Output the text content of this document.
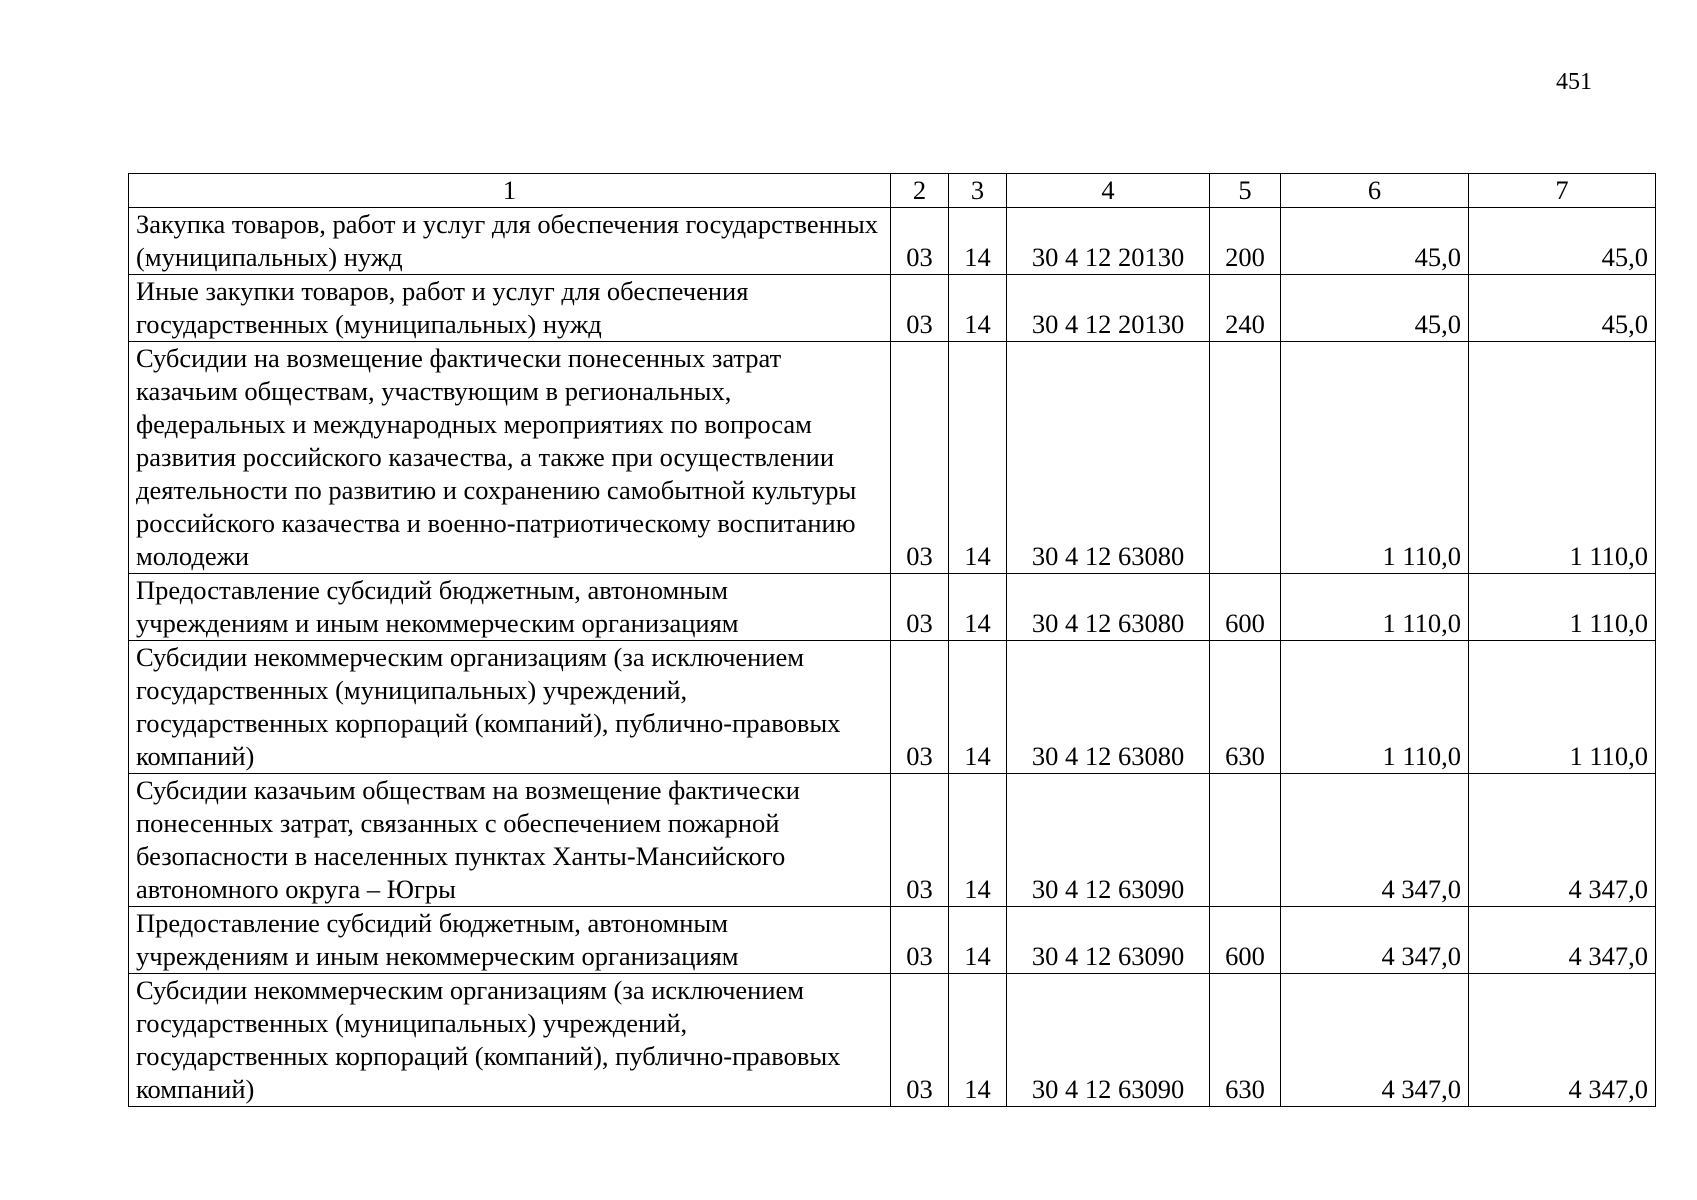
451
1	2	3	4	5	6	7
Закупка товаров, работ и услуг для обеспечения государственных (муниципальных) нужд	03	14	30 4 12 20130	200	45,0	45,0
Иные закупки товаров, работ и услуг для обеспечения государственных (муниципальных) нужд	03	14	30 4 12 20130	240	45,0	45,0
Субсидии на возмещение фактически понесенных затрат казачьим обществам, участвующим в региональных, федеральных и международных мероприятиях по вопросам развития российского казачества, а также при осуществлении деятельности по развитию и сохранению самобытной культуры российского казачества и военно-патриотическому воспитанию молодежи	03	14	30 4 12 63080		1 110,0	1 110,0
Предоставление субсидий бюджетным, автономным учреждениям и иным некоммерческим организациям	03	14	30 4 12 63080	600	1 110,0	1 110,0
Субсидии некоммерческим организациям (за исключением государственных (муниципальных) учреждений, государственных корпораций (компаний), публично-правовых компаний)	03	14	30 4 12 63080	630	1 110,0	1 110,0
Субсидии казачьим обществам на возмещение фактически понесенных затрат, связанных с обеспечением пожарной безопасности в населенных пунктах Ханты-Мансийского автономного округа – Югры	03	14	30 4 12 63090		4 347,0	4 347,0
Предоставление субсидий бюджетным, автономным учреждениям и иным некоммерческим организациям	03	14	30 4 12 63090	600	4 347,0	4 347,0
Субсидии некоммерческим организациям (за исключением государственных (муниципальных) учреждений, государственных корпораций (компаний), публично-правовых компаний)	03	14	30 4 12 63090	630	4 347,0	4 347,0
